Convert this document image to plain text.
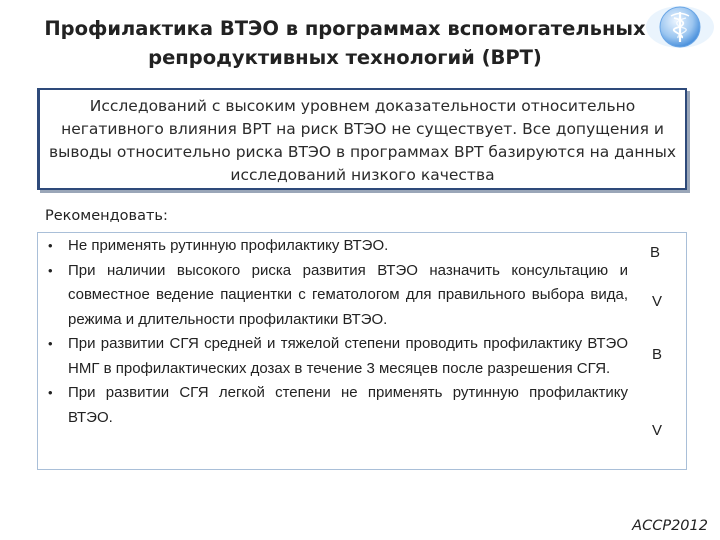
Профилактика ВТЭО в программах вспомогательных
репродуктивных технологий (ВРТ)
Исследований с высоким уровнем доказательности относительно негативного влияния ВРТ на риск ВТЭО не существует. Все допущения и выводы относительно риска ВТЭО в программах ВРТ базируются на данных исследований низкого качества
Рекомендовать:
• Не применять рутинную профилактику ВТЭО.
• При наличии высокого риска развития ВТЭО назначить консультацию и совместное ведение пациентки с гематологом для правильного выбора вида, режима и длительности профилактики ВТЭО.
• При развитии СГЯ средней и тяжелой степени проводить профилактику ВТЭО НМГ в профилактических дозах в течение 3 месяцев после разрешения СГЯ.
• При развитии СГЯ легкой степени не применять рутинную профилактику ВТЭО.
B
V
B
V
ACCP2012
